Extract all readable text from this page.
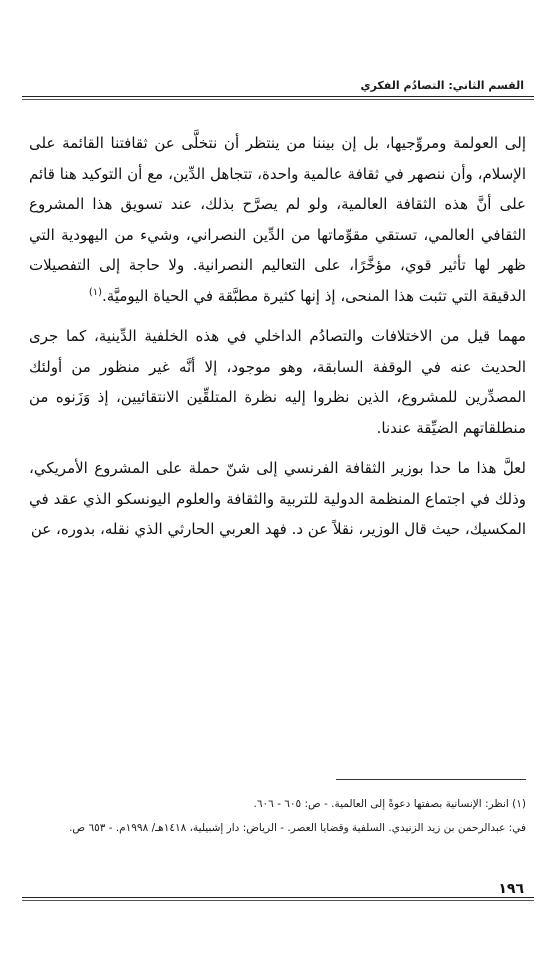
القسم الثاني: التصادُم الفكري

إلى العولمة ومروِّجيها، بل إن بيننا من ينتظر أن نتخلَّى عن ثقافتنا القائمة على الإسلام، وأن ننصهر في ثقافة عالمية واحدة، تتجاهل الدِّين، مع أن التوكيد هنا قائم على أنَّ هذه الثقافة العالمية، ولو لم يصرَّح بذلك، عند تسويق هذا المشروع الثقافي العالمي، تستقي مقوِّماتها من الدِّين النصراني، وشيء من اليهودية التي ظهر لها تأثير قوي، مؤخَّرًا، على التعاليم النصرانية. ولا حاجة إلى التفصيلات الدقيقة التي تثبت هذا المنحى، إذ إنها كثيرة مطبَّقة في الحياة اليوميَّة.$^{(١)}$

مهما قيل من الاختلافات والتصادُم الداخلي في هذه الخلفية الدِّينية، كما جرى الحديث عنه في الوقفة السابقة، وهو موجود، إلا أنَّه غير منظور من أولئك المصدِّرين للمشروع، الذين نظروا إليه نظرة المتلقِّين الانتقائيين، إذ وَزَنوه من منطلقاتهم الضيِّقة عندنا.

لعلَّ هذا ما حدا بوزير الثقافة الفرنسي إلى شنّ حملة على المشروع الأمريكي، وذلك في اجتماع المنظمة الدولية للتربية والثقافة والعلوم اليونسكو الذي عقد في المكسيك، حيث قال الوزير، نقلاً عن د. فهد العربي الحارثي الذي نقله، بدوره، عن

(١) انظر: الإنسانية بصفتها دعوةً إلى العالمية. - ص: ٦٠٥ - ٦٠٦.

في: عبدالرحمن بن زيد الزنيدي. السلفية وقضايا العصر. - الرياض: دار إشبيلية، ١٤١٨هـ/ ١٩٩٨م. - ٦٥٣ ص.

١٩٦
